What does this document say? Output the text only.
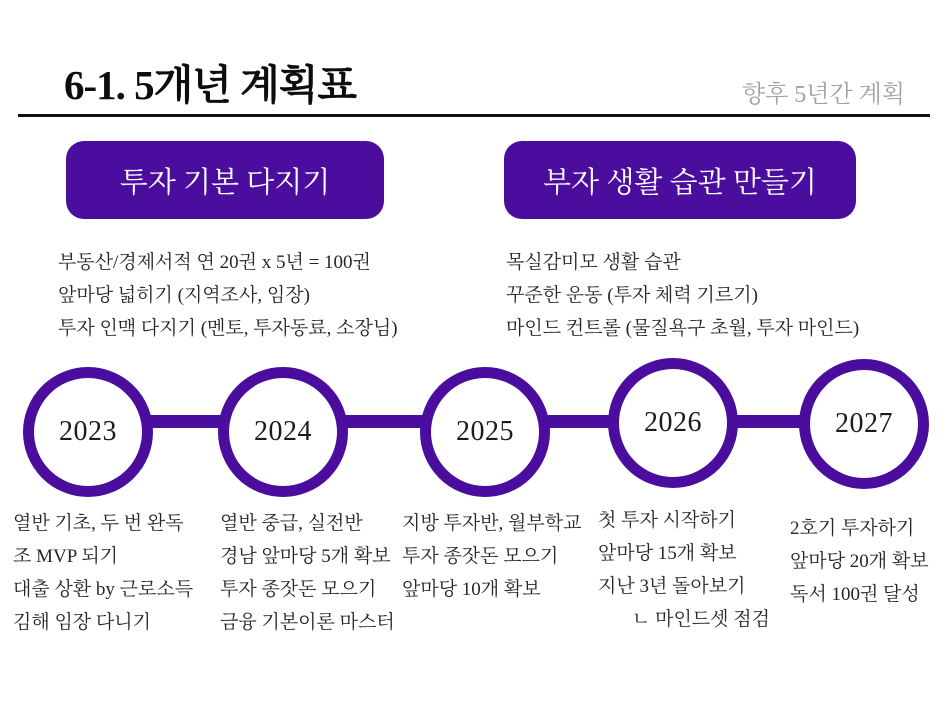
6-1. 5개년 계획표	향후 5년간 계획
투자 기본 다지기	부자 생활 습관 만들기
부동산/경제서적 연 20권 x 5년 = 100권
앞마당 넓히기 (지역조사, 임장)
투자 인맥 다지기 (멘토, 투자동료, 소장님)
목실감미모 생활 습관
꾸준한 운동 (투자 체력 기르기)
마인드 컨트롤 (물질욕구 초월, 투자 마인드)
2023	2024	2025	2026	2027
열반 기초, 두 번 완독
조 MVP 되기
대출 상환 by 근로소득
김해 임장 다니기
열반 중급, 실전반
경남 앞마당 5개 확보
투자 종잣돈 모으기
금융 기본이론 마스터
지방 투자반, 월부학교
투자 종잣돈 모으기
앞마당 10개 확보
첫 투자 시작하기
앞마당 15개 확보
지난 3년 돌아보기
ㄴ 마인드셋 점검
2호기 투자하기
앞마당 20개 확보
독서 100권 달성
